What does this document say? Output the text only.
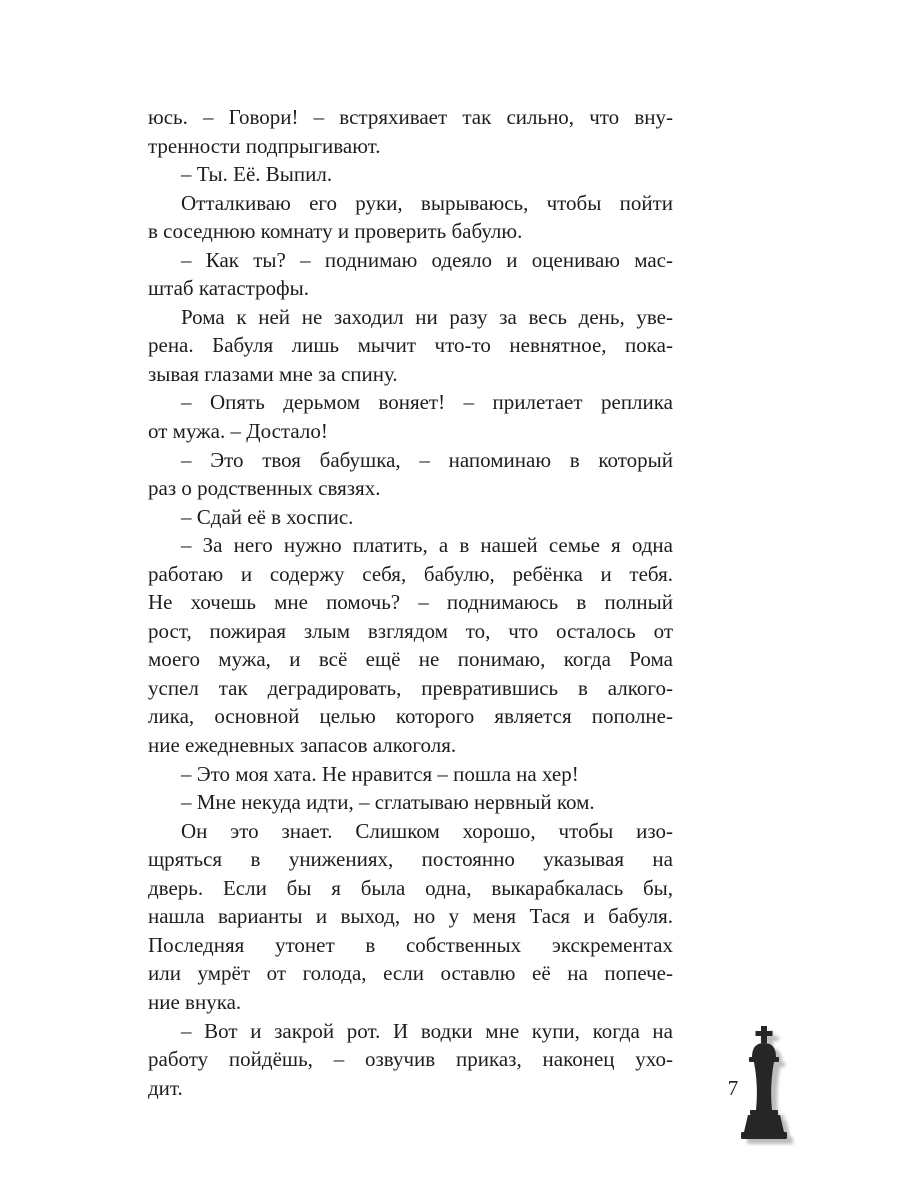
юсь. – Говори! – встряхивает так сильно, что вну-
тренности подпрыгивают.
– Ты. Её. Выпил.
Отталкиваю его руки, вырываюсь, чтобы пойти
в соседнюю комнату и проверить бабулю.
– Как ты? – поднимаю одеяло и оцениваю мас-
штаб катастрофы.
Рома к ней не заходил ни разу за весь день, уве-
рена. Бабуля лишь мычит что-то невнятное, пока-
зывая глазами мне за спину.
– Опять дерьмом воняет! – прилетает реплика
от мужа. – Достало!
– Это твоя бабушка, – напоминаю в который
раз о родственных связях.
– Сдай её в хоспис.
– За него нужно платить, а в нашей семье я одна
работаю и содержу себя, бабулю, ребёнка и тебя.
Не хочешь мне помочь? – поднимаюсь в полный
рост, пожирая злым взглядом то, что осталось от
моего мужа, и всё ещё не понимаю, когда Рома
успел так деградировать, превратившись в алкого-
лика, основной целью которого является пополне-
ние ежедневных запасов алкоголя.
– Это моя хата. Не нравится – пошла на хер!
– Мне некуда идти, – сглатываю нервный ком.
Он это знает. Слишком хорошо, чтобы изо-
щряться в унижениях, постоянно указывая на
дверь. Если бы я была одна, выкарабкалась бы,
нашла варианты и выход, но у меня Тася и бабуля.
Последняя утонет в собственных экскрементах
или умрёт от голода, если оставлю её на попече-
ние внука.
– Вот и закрой рот. И водки мне купи, когда на
работу пойдёшь, – озвучив приказ, наконец ухо-
дит.	7
